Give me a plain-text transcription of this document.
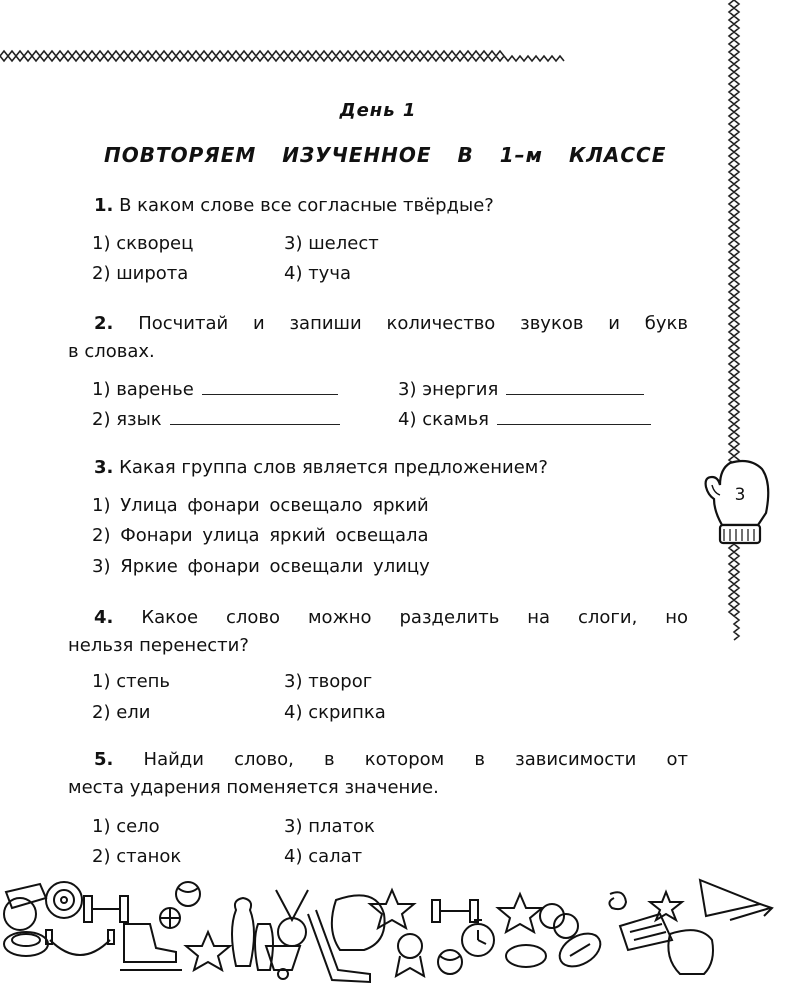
3
День 1
ПОВТОРЯЕМ ИЗУЧЕННОЕ В 1–м КЛАССЕ
1. В каком слове все согласные твёрдые?
1) скворец	3) шелест
2) широта	4) туча
2. Посчитай и запиши количество звуков и букв
в словах.
1) варенье	3) энергия
2) язык	4) скамья
3. Какая группа слов является предложением?
1) Улица фонари освещало яркий
2) Фонари улица яркий освещала
3) Яркие фонари освещали улицу
4. Какое слово можно разделить на слоги, но
нельзя перенести?
1) степь	3) творог
2) ели	4) скрипка
5. Найди слово, в котором в зависимости от
места ударения поменяется значение.
1) село	3) платок
2) станок	4) салат
